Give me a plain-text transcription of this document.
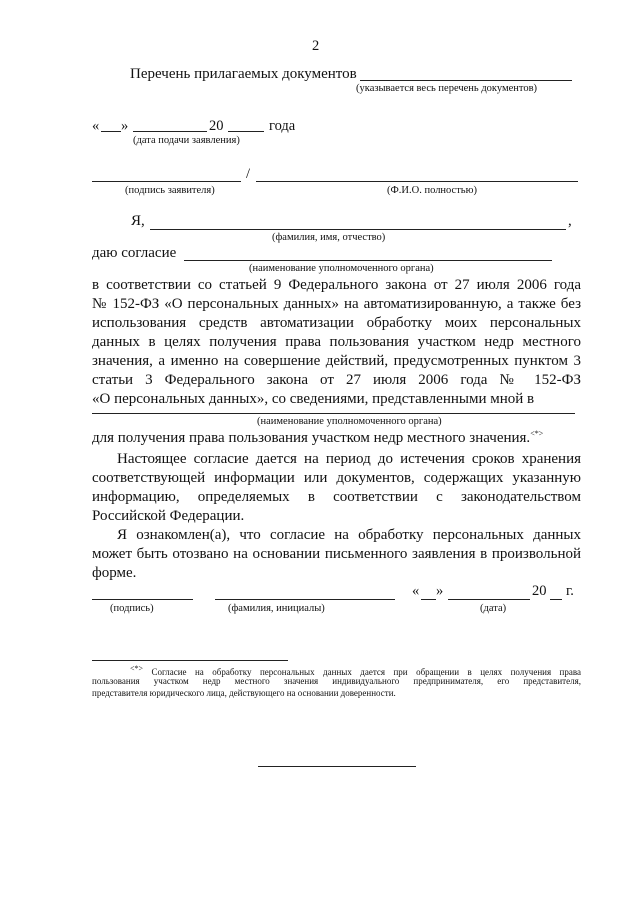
2
Перечень прилагаемых документов
(указывается весь перечень документов)
« »	20	года
(дата подачи заявления)
/
(подпись заявителя)	(Ф.И.О. полностью)
Я,	,
(фамилия, имя, отчество)
даю согласие
(наименование уполномоченного органа)
в соответствии со статьей 9 Федерального закона от 27 июля 2006 года
№ 152-ФЗ «О персональных данных» на автоматизированную, а также без
использования средств автоматизации обработку моих персональных
данных в целях получения права пользования участком недр местного
значения, а именно на совершение действий, предусмотренных пунктом 3
статьи 3 Федерального закона от 27 июля 2006 года № 152-ФЗ
«О персональных данных», со сведениями, представленными мной в
(наименование уполномоченного органа)
для получения права пользования участком недр местного значения.<*>
Настоящее согласие дается на период до истечения сроков хранения
соответствующей информации или документов, содержащих указанную
информацию, определяемых в соответствии с законодательством
Российской Федерации.
Я ознакомлен(а), что согласие на обработку персональных данных
может быть отозвано на основании письменного заявления в произвольной
форме.
« »	20 г.
(подпись)	(фамилия, инициалы)	(дата)
<*> Согласие на обработку персональных данных дается при обращении в целях получения права
пользования участком недр местного значения индивидуального предпринимателя, его представителя,
представителя юридического лица, действующего на основании доверенности.
